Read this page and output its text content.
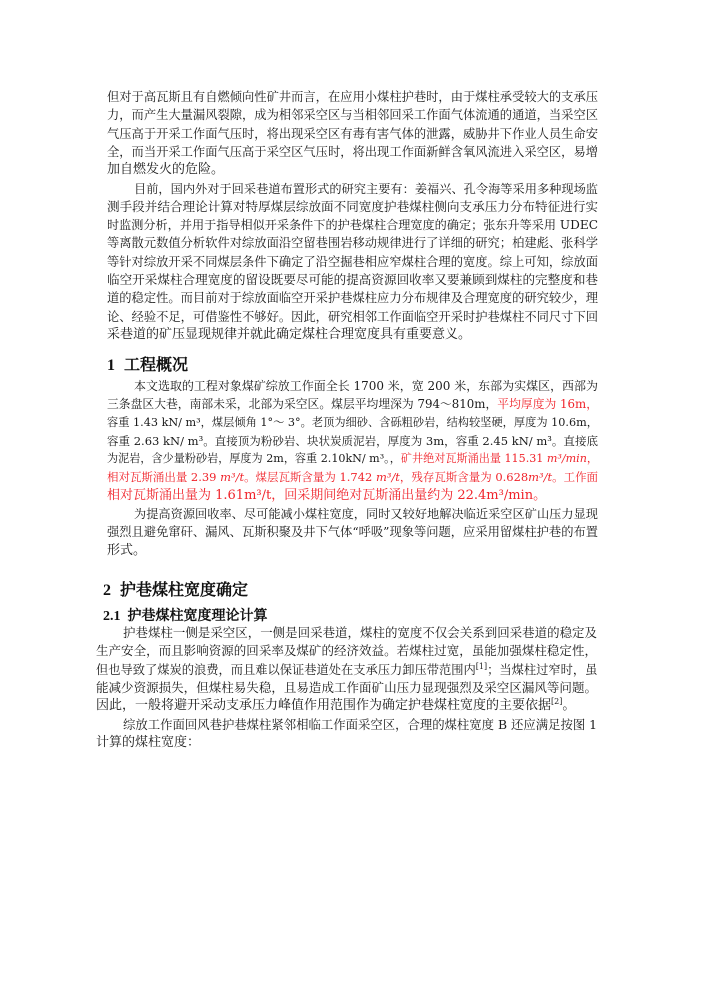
但对于高瓦斯且有自燃倾向性矿井而言，在应用小煤柱护巷时，由于煤柱承受较大的支承压
力，而产生大量漏风裂隙，成为相邻采空区与当相邻回采工作面气体流通的通道，当采空区
气压高于开采工作面气压时，将出现采空区有毒有害气体的泄露，威胁井下作业人员生命安
全，而当开采工作面气压高于采空区气压时，将出现工作面新鲜含氧风流进入采空区，易增
加自燃发火的危险。
目前，国内外对于回采巷道布置形式的研究主要有：姜福兴、孔令海等采用多种现场监
测手段并结合理论计算对特厚煤层综放面不同宽度护巷煤柱侧向支承压力分布特征进行实
时监测分析，并用于指导相似开采条件下的护巷煤柱合理宽度的确定；张东升等采用 UDEC
等离散元数值分析软件对综放面沿空留巷围岩移动规律进行了详细的研究；柏建彪、张科学
等针对综放开采不同煤层条件下确定了沿空掘巷相应窄煤柱合理的宽度。综上可知，综放面
临空开采煤柱合理宽度的留设既要尽可能的提高资源回收率又要兼顾到煤柱的完整度和巷
道的稳定性。而目前对于综放面临空开采护巷煤柱应力分布规律及合理宽度的研究较少，理
论、经验不足，可借鉴性不够好。因此，研究相邻工作面临空开采时护巷煤柱不同尺寸下回
采巷道的矿压显现规律并就此确定煤柱合理宽度具有重要意义。
1 工程概况
本文选取的工程对象煤矿综放工作面全长 1700 米，宽 200 米，东部为实煤区，西部为
三条盘区大巷，南部未采，北部为采空区。煤层平均埋深为 794～810m，平均厚度为 16m，
容重 1.43 kN/ m³，煤层倾角 1°～ 3°。老顶为细砂、含砾粗砂岩，结构较坚硬，厚度为 10.6m，
容重 2.63 kN/ m³。直接顶为粉砂岩、块状炭质泥岩，厚度为 3m，容重 2.45 kN/ m³。直接底
为泥岩，含少量粉砂岩，厚度为 2m，容重 2.10kN/ m³。，矿井绝对瓦斯涌出量 115.31 m³/min，
相对瓦斯涌出量 2.39 m³/t。煤层瓦斯含量为 1.742 m³/t，残存瓦斯含量为 0.628m³/t。工作面
相对瓦斯涌出量为 1.61m³/t，回采期间绝对瓦斯涌出量约为 22.4m³/min。
为提高资源回收率、尽可能减小煤柱宽度，同时又较好地解决临近采空区矿山压力显现
强烈且避免窜矸、漏风、瓦斯积聚及井下气体“呼吸”现象等问题，应采用留煤柱护巷的布置
形式。
2 护巷煤柱宽度确定
2.1 护巷煤柱宽度理论计算
护巷煤柱一侧是采空区，一侧是回采巷道，煤柱的宽度不仅会关系到回采巷道的稳定及
生产安全，而且影响资源的回采率及煤矿的经济效益。若煤柱过宽，虽能加强煤柱稳定性，
但也导致了煤炭的浪费，而且难以保证巷道处在支承压力卸压带范围内[1]；当煤柱过窄时，虽
能减少资源损失，但煤柱易失稳，且易造成工作面矿山压力显现强烈及采空区漏风等问题。
因此，一般将避开采动支承压力峰值作用范围作为确定护巷煤柱宽度的主要依据[2]。
综放工作面回风巷护巷煤柱紧邻相临工作面采空区，合理的煤柱宽度 B 还应满足按图 1
计算的煤柱宽度：
